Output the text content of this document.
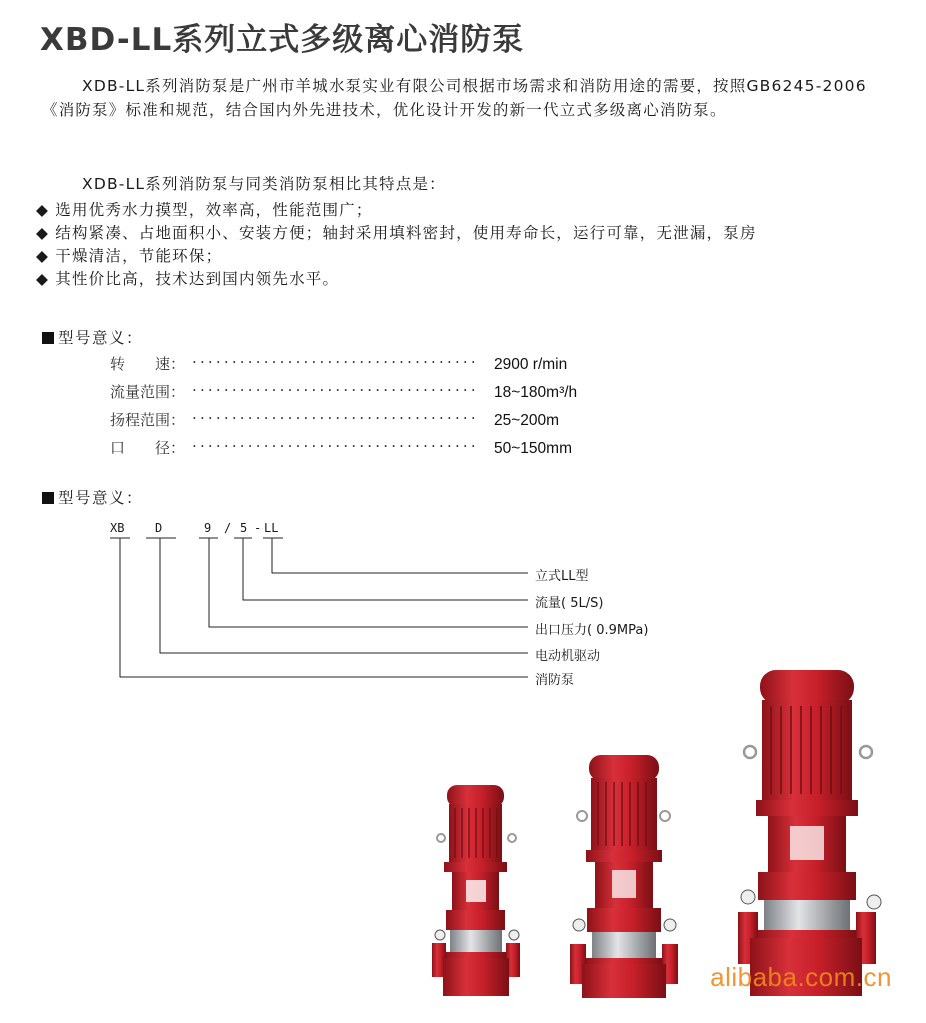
XBD-LL系列立式多级离心消防泵
XDB-LL系列消防泵是广州市羊城水泵实业有限公司根据市场需求和消防用途的需要，按照GB6245-2006《消防泵》标准和规范，结合国内外先进技术，优化设计开发的新一代立式多级离心消防泵。
XDB-LL系列消防泵与同类消防泵相比其特点是：
◆ 选用优秀水力摸型，效率高，性能范围广；
◆ 结构紧凑、占地面积小、安装方便；轴封采用填料密封，使用寿命长，运行可靠，无泄漏，泵房
◆ 干燥清洁，节能环保；
◆ 其性价比高，技术达到国内领先水平。
型号意义：
转　　速： ···································· 2900 r/min
流量范围： ···································· 18~180m³/h
扬程范围： ···································· 25~200m
口　　径： ···································· 50~150mm
型号意义：
XB	D	9 / 5 - LL
立式LL型
流量( 5L/S)
出口压力( 0.9MPa)
电动机驱动
消防泵
alibaba.com.cn
